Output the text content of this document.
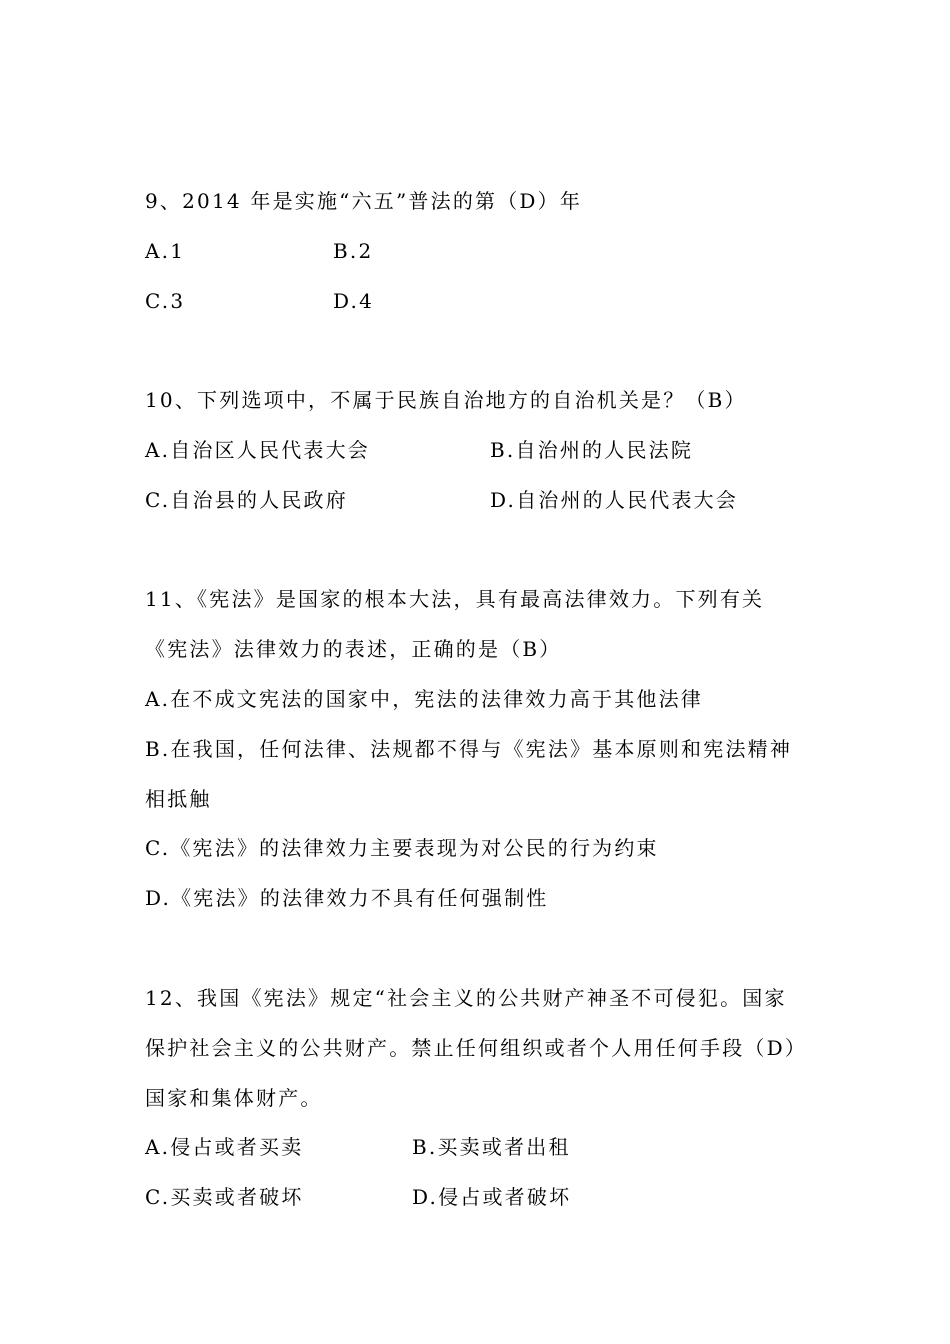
9、2014 年是实施“六五”普法的第（D）年
A.1	B.2
C.3	D.4
10、下列选项中，不属于民族自治地方的自治机关是？（B）
A.自治区人民代表大会	B.自治州的人民法院
C.自治县的人民政府	D.自治州的人民代表大会
11、《宪法》是国家的根本大法，具有最高法律效力。下列有关
《宪法》法律效力的表述，正确的是（B）
A.在不成文宪法的国家中，宪法的法律效力高于其他法律
B.在我国，任何法律、法规都不得与《宪法》基本原则和宪法精神
相抵触
C.《宪法》的法律效力主要表现为对公民的行为约束
D.《宪法》的法律效力不具有任何强制性
12、我国《宪法》规定“社会主义的公共财产神圣不可侵犯。国家
保护社会主义的公共财产。禁止任何组织或者个人用任何手段（D）
国家和集体财产。
A.侵占或者买卖	B.买卖或者出租
C.买卖或者破坏	D.侵占或者破坏
